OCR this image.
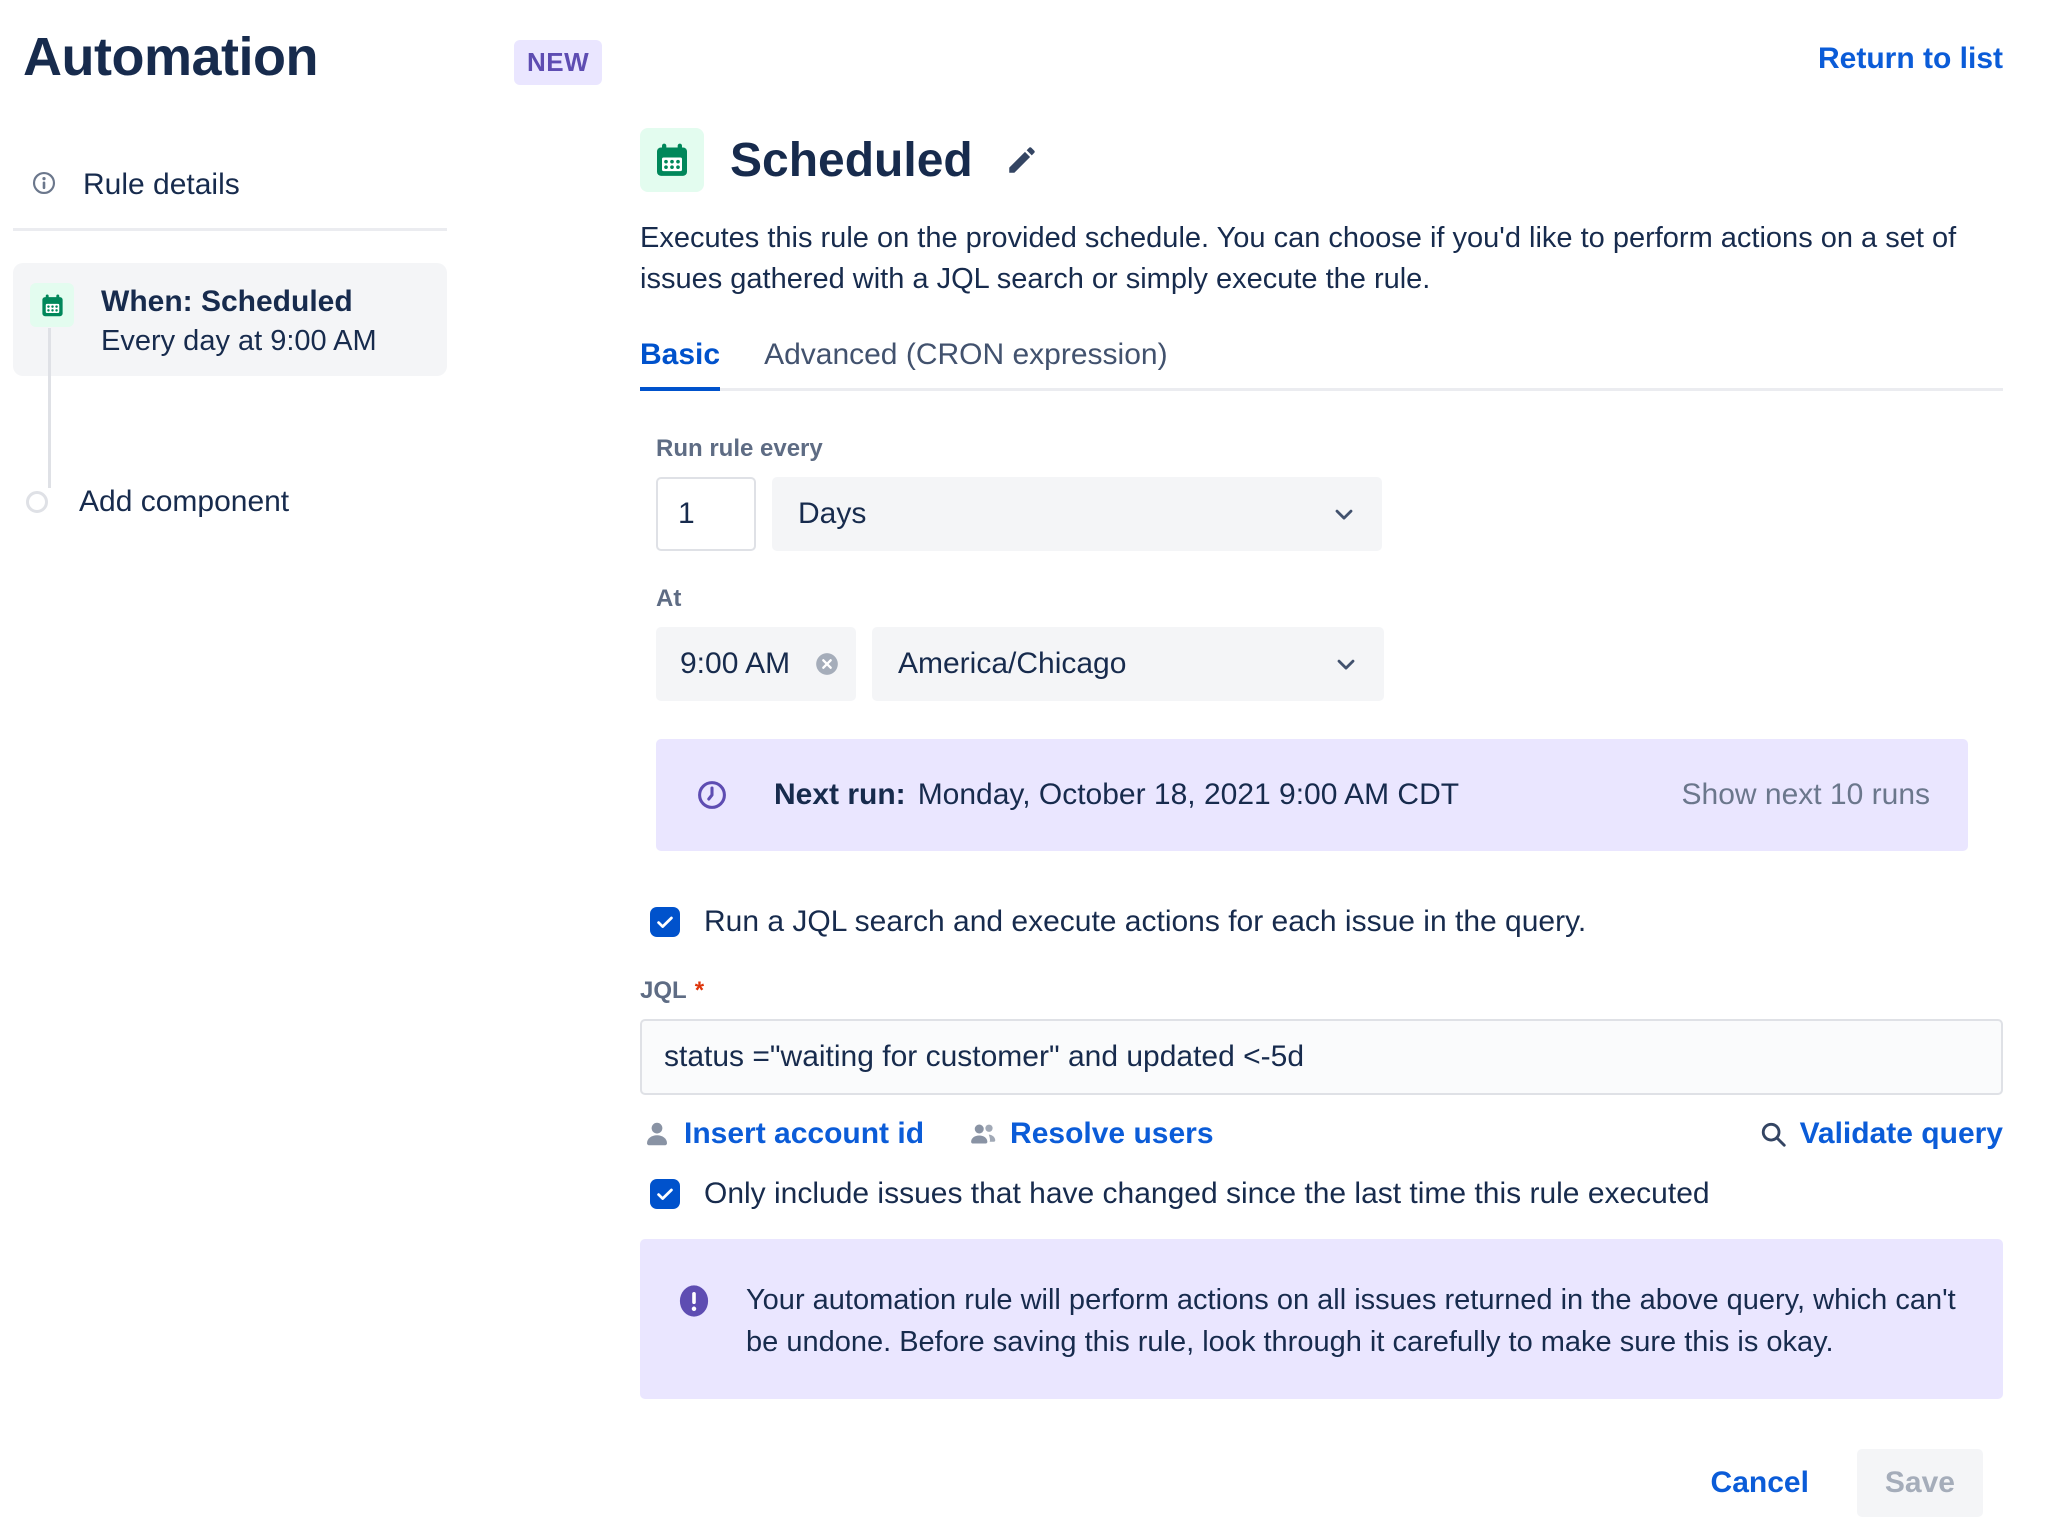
Automation	NEW	Return to list
Rule details
When: Scheduled
Every day at 9:00 AM
Add component
Scheduled
Executes this rule on the provided schedule. You can choose if you'd like to perform actions on a set of issues gathered with a JQL search or simply execute the rule.
Basic Advanced (CRON expression)
Run rule every
1
Days
At
9:00 AM	America/Chicago
Next run: Monday, October 18, 2021 9:00 AM CDT	Show next 10 runs
Run a JQL search and execute actions for each issue in the query.
JQL *
status ="waiting for customer" and updated <-5d
Insert account id	Resolve users	Validate query
Only include issues that have changed since the last time this rule executed
Your automation rule will perform actions on all issues returned in the above query, which can't be undone. Before saving this rule, look through it carefully to make sure this is okay.
Cancel	Save
